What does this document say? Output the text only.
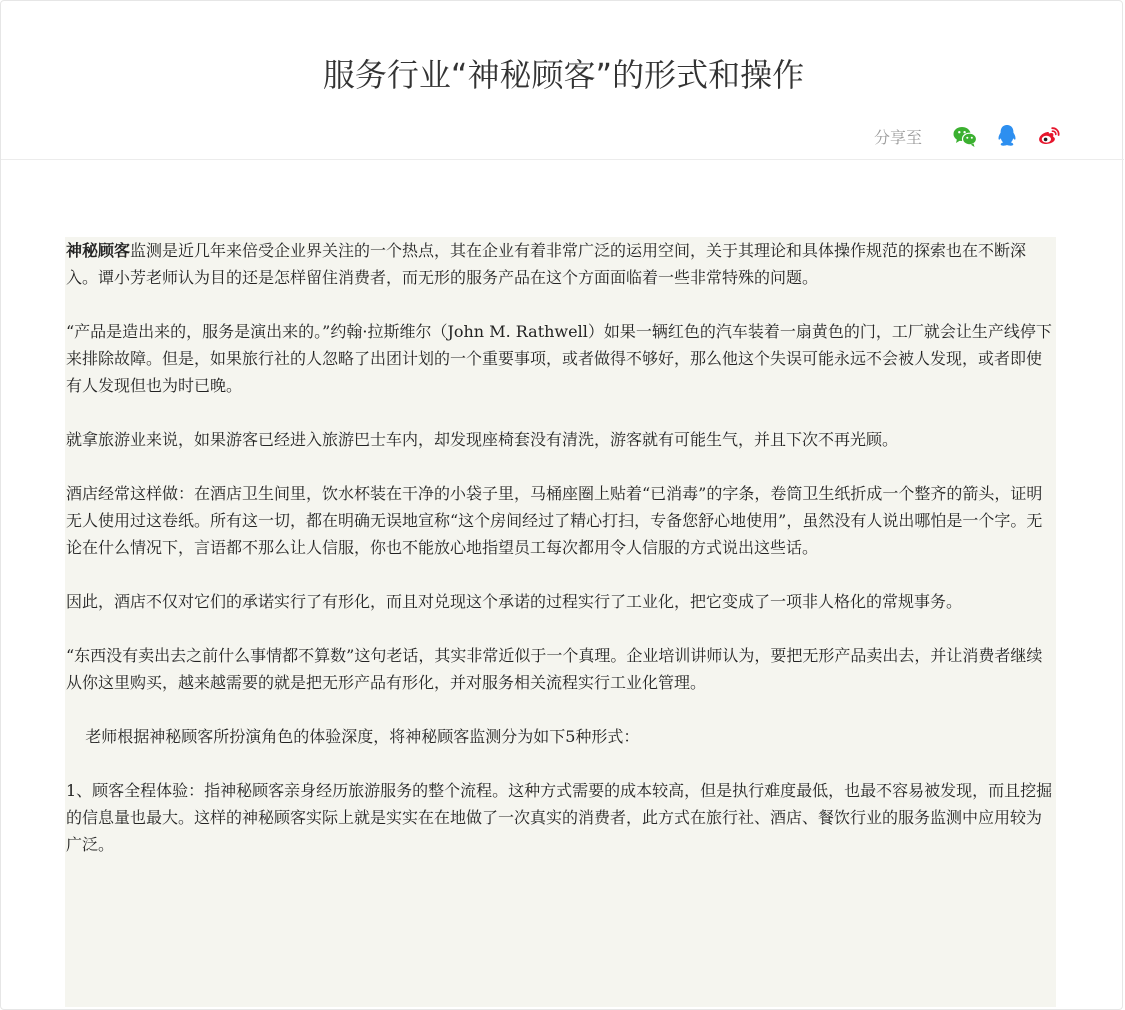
服务行业“神秘顾客”的形式和操作
分享至

神秘顾客监测是近几年来倍受企业界关注的一个热点，其在企业有着非常广泛的运用空间，关于其理论和具体操作规范的探索也在不断深入。谭小芳老师认为目的还是怎样留住消费者，而无形的服务产品在这个方面面临着一些非常特殊的问题。

“产品是造出来的，服务是演出来的。”约翰·拉斯维尔（John M. Rathwell）如果一辆红色的汽车装着一扇黄色的门，工厂就会让生产线停下来排除故障。但是，如果旅行社的人忽略了出团计划的一个重要事项，或者做得不够好，那么他这个失误可能永远不会被人发现，或者即使有人发现但也为时已晚。

就拿旅游业来说，如果游客已经进入旅游巴士车内，却发现座椅套没有清洗，游客就有可能生气，并且下次不再光顾。

酒店经常这样做：在酒店卫生间里，饮水杯装在干净的小袋子里，马桶座圈上贴着“已消毒”的字条，卷筒卫生纸折成一个整齐的箭头，证明无人使用过这卷纸。所有这一切，都在明确无误地宣称“这个房间经过了精心打扫，专备您舒心地使用”，虽然没有人说出哪怕是一个字。无论在什么情况下，言语都不那么让人信服，你也不能放心地指望员工每次都用令人信服的方式说出这些话。

因此，酒店不仅对它们的承诺实行了有形化，而且对兑现这个承诺的过程实行了工业化，把它变成了一项非人格化的常规事务。

“东西没有卖出去之前什么事情都不算数”这句老话，其实非常近似于一个真理。企业培训讲师认为，要把无形产品卖出去，并让消费者继续从你这里购买，越来越需要的就是把无形产品有形化，并对服务相关流程实行工业化管理。

老师根据神秘顾客所扮演角色的体验深度，将神秘顾客监测分为如下5种形式：

1、顾客全程体验：指神秘顾客亲身经历旅游服务的整个流程。这种方式需要的成本较高，但是执行难度最低，也最不容易被发现，而且挖掘的信息量也最大。这样的神秘顾客实际上就是实实在在地做了一次真实的消费者，此方式在旅行社、酒店、餐饮行业的服务监测中应用较为广泛。
